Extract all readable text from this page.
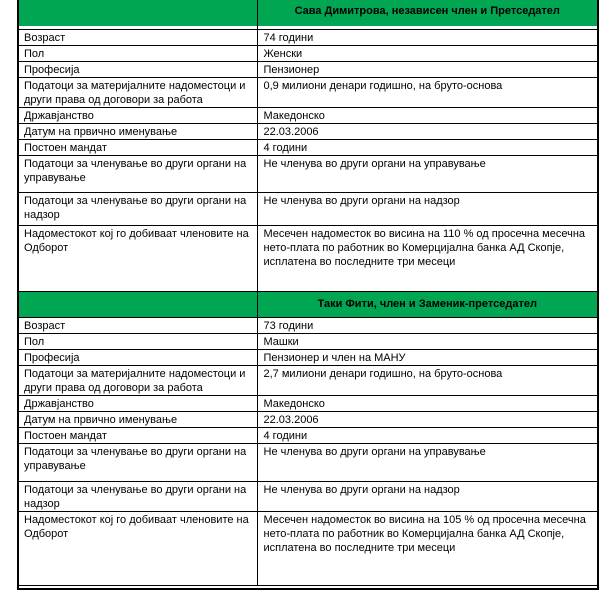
	Сава Димитрова, независен член и Претседател
Возраст	74 години
Пол	Женски
Професија	Пензионер
Податоци за материјалните надоместоци и други права од договори за работа	0,9 милиони денари годишно, на бруто-основа
Државјанство	Македонско
Датум на првично именување	22.03.2006
Постоен мандат	4 години
Податоци за членување во други органи на управување	Не членува во други органи на управување
Податоци за членување во други органи на надзор	Не членува во други органи на надзор
Надоместокот кој го добиваат членовите на Одборот	Месечен надоместок во висина на 110 % од просечна месечна нето-плата по работник во Комерцијална банка АД Скопје, исплатена во последните три месеци
	Таки Фити, член и Заменик-претседател
Возраст	73 години
Пол	Машки
Професија	Пензионер и член на МАНУ
Податоци за материјалните надоместоци и други права од договори за работа	2,7 милиони денари годишно, на бруто-основа
Државјанство	Македонско
Датум на првично именување	22.03.2006
Постоен мандат	4 години
Податоци за членување во други органи на управување	Не членува во други органи на управување
Податоци за членување во други органи на надзор	Не членува во други органи на надзор
Надоместокот кој го добиваат членовите на Одборот	Месечен надоместок во висина на 105 % од просечна месечна нето-плата по работник во Комерцијална банка АД Скопје, исплатена во последните три месеци
